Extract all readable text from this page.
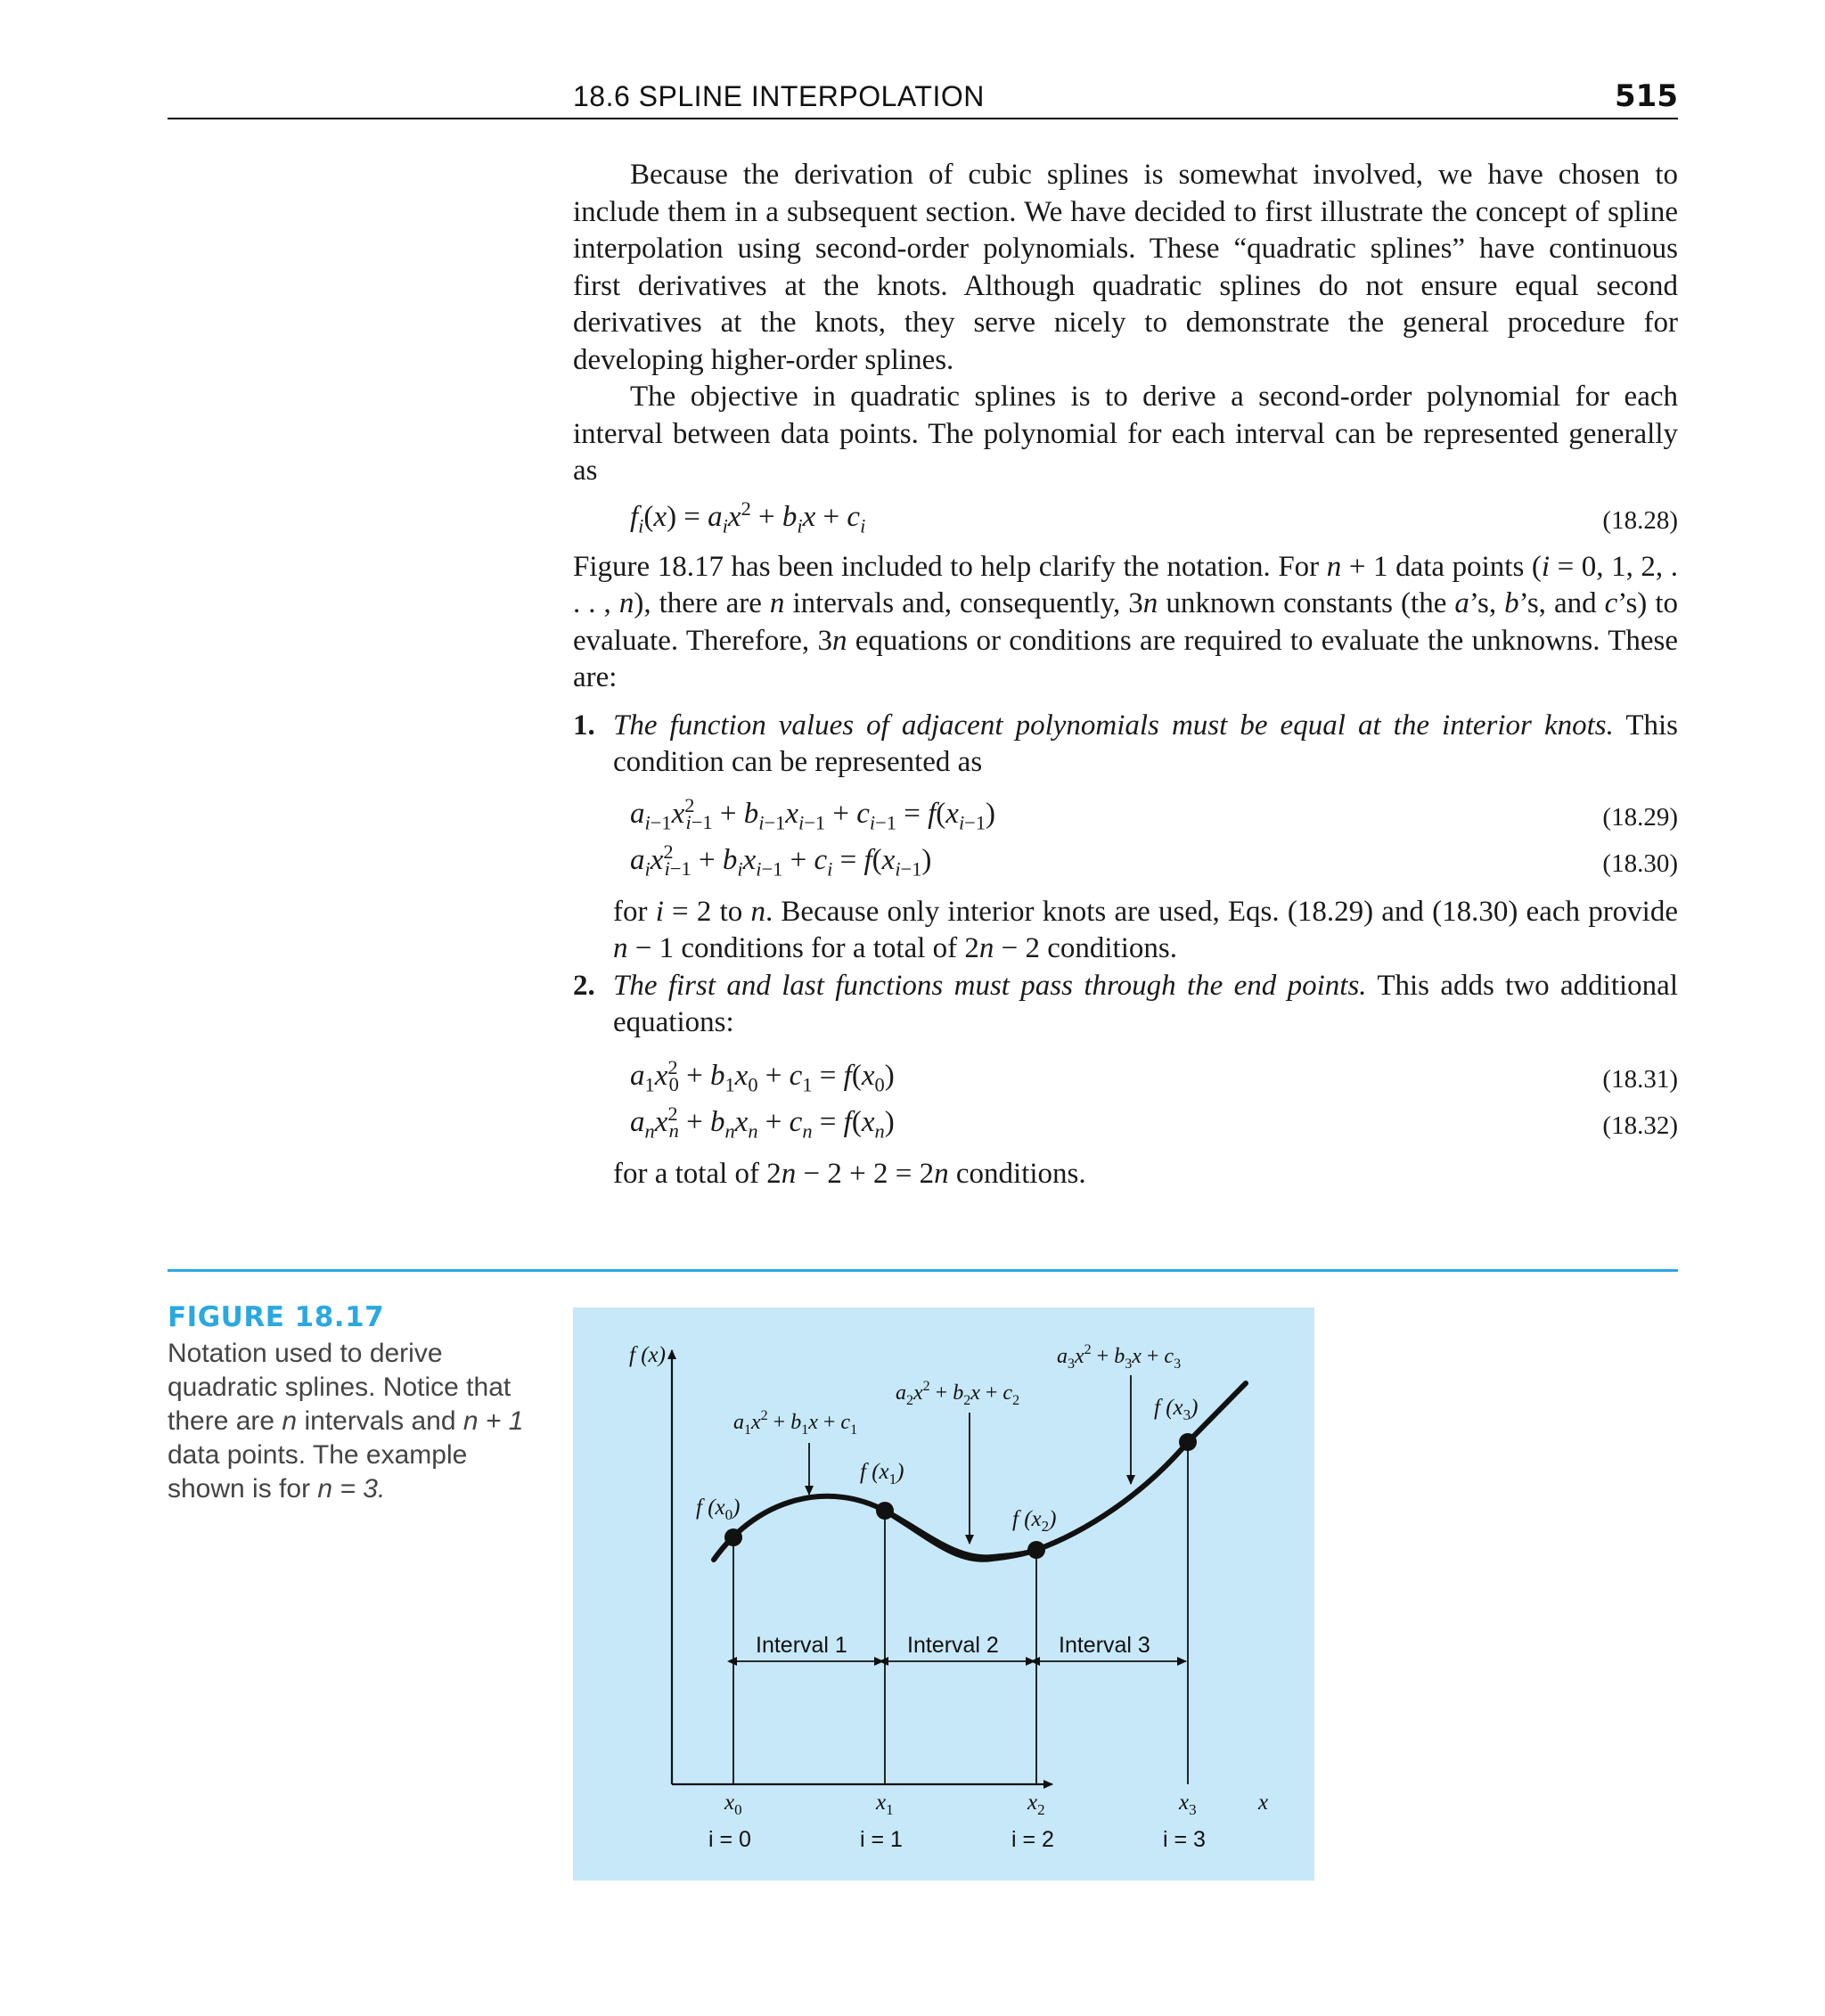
18.6 SPLINE INTERPOLATION	515

Because the derivation of cubic splines is somewhat involved, we have chosen to include them in a subsequent section. We have decided to first illustrate the concept of spline interpolation using second-order polynomials. These “quadratic splines” have continuous first derivatives at the knots. Although quadratic splines do not ensure equal second derivatives at the knots, they serve nicely to demonstrate the general procedure for developing higher-order splines.

The objective in quadratic splines is to derive a second-order polynomial for each interval between data points. The polynomial for each interval can be represented generally as

$f_i(x) = a_ix^2 + b_ix + c_i$	(18.28)

Figure 18.17 has been included to help clarify the notation. For n + 1 data points (i = 0, 1, 2, . . . , n), there are n intervals and, consequently, 3n unknown constants (the a’s, b’s, and c’s) to evaluate. Therefore, 3n equations or conditions are required to evaluate the unknowns. These are:

1. The function values of adjacent polynomials must be equal at the interior knots. This condition can be represented as
$a_{i-1}x^2_{i-1} + b_{i-1}x_{i-1} + c_{i-1} = f(x_{i-1})$	(18.29)
$a_ix^2_{i-1} + b_ix_{i-1} + c_i = f(x_{i-1})$	(18.30)

for i = 2 to n. Because only interior knots are used, Eqs. (18.29) and (18.30) each provide n − 1 conditions for a total of 2n − 2 conditions.

2. The first and last functions must pass through the end points. This adds two additional equations:
$a_1x^2_0 + b_1x_0 + c_1 = f(x_0)$	(18.31)
$a_nx^2_n + b_nx_n + c_n = f(x_n)$	(18.32)

for a total of 2n − 2 + 2 = 2n conditions.

FIGURE 18.17
Notation used to derive quadratic splines. Notice that there are n intervals and n + 1 data points. The example shown is for n = 3.
f (x)
x
f $(x_0)$
f $(x_1)$
f $(x_2)$
f $(x_3)$
$a_1x^2 + b_1x + c_1$
$a_2x^2 + b_2x + c_2$
$a_3x^2 + b_3x + c_3$
Interval 1	Interval 2	Interval 3
$x_0$	$x_1$	$x_2$	$x_3$
i = 0	i = 1	i = 2	i = 3
